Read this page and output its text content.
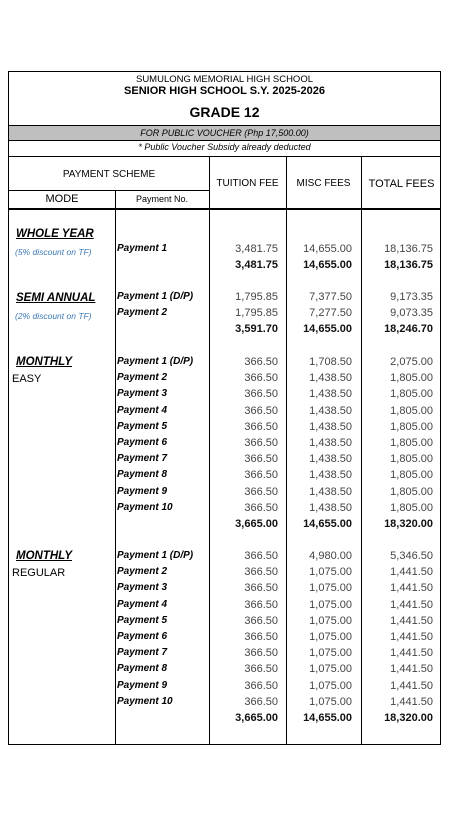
SUMULONG MEMORIAL HIGH SCHOOL
SENIOR HIGH SCHOOL S.Y. 2025-2026
GRADE 12
FOR PUBLIC VOUCHER (Php 17,500.00)
* Public Voucher Subsidy already deducted
PAYMENT SCHEME
MODE	Payment No.
TUITION FEE	MISC FEES	TOTAL FEES
WHOLE YEAR
(5% discount on TF)	Payment 1	3,481.75 14,655.00	18,136.75
3,481.75 14,655.00	18,136.75
SEMI ANNUAL
(2% discount on TF)
Payment 1 (D/P)	1,795.85	7,377.50	9,173.35
Payment 2	1,795.85	7,277.50	9,073.35
3,591.70 14,655.00	18,246.70
MONTHLY
EASY
Payment 1 (D/P)	366.50	1,708.50	2,075.00
Payment 2	366.50	1,438.50	1,805.00
Payment 3	366.50	1,438.50	1,805.00
Payment 4	366.50	1,438.50	1,805.00
Payment 5	366.50	1,438.50	1,805.00
Payment 6	366.50	1,438.50	1,805.00
Payment 7	366.50	1,438.50	1,805.00
Payment 8	366.50	1,438.50	1,805.00
Payment 9	366.50	1,438.50	1,805.00
Payment 10	366.50	1,438.50	1,805.00
3,665.00 14,655.00	18,320.00
MONTHLY
REGULAR
Payment 1 (D/P)	366.50	4,980.00	5,346.50
Payment 2	366.50	1,075.00	1,441.50
Payment 3	366.50	1,075.00	1,441.50
Payment 4	366.50	1,075.00	1,441.50
Payment 5	366.50	1,075.00	1,441.50
Payment 6	366.50	1,075.00	1,441.50
Payment 7	366.50	1,075.00	1,441.50
Payment 8	366.50	1,075.00	1,441.50
Payment 9	366.50	1,075.00	1,441.50
Payment 10	366.50	1,075.00	1,441.50
3,665.00 14,655.00	18,320.00
